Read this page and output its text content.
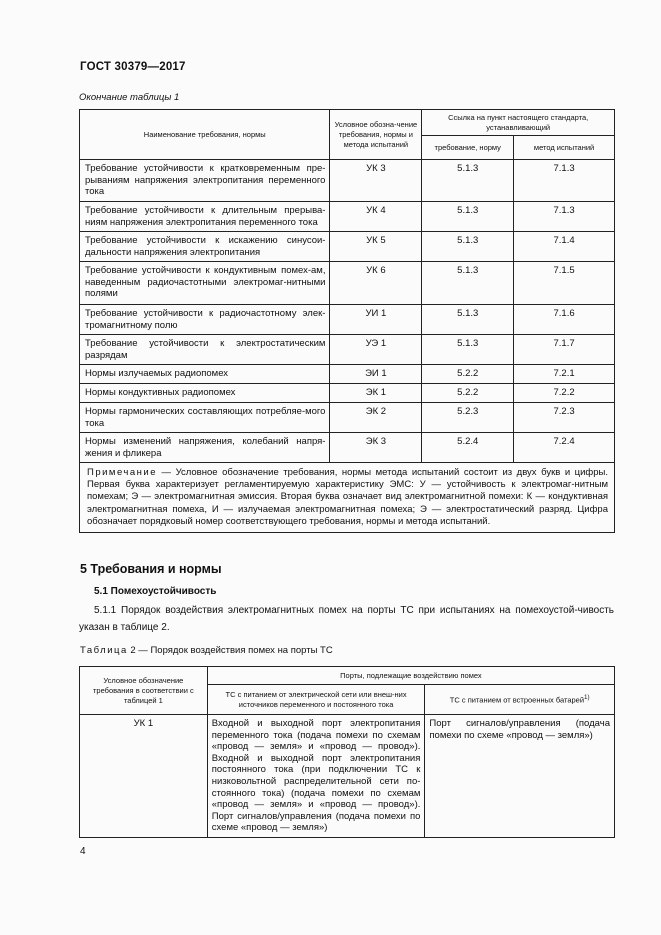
ГОСТ 30379—2017
Окончание таблицы 1
Наименование требования, нормы	Условное обозна-чение требования, нормы и метода испытаний	Ссылка на пункт настоящего стандарта, устанавливающий	
		требование, норму	метод испытаний
Требование устойчивости к кратковременным пре-рываниям напряжения электропитания переменного тока	УК 3	5.1.3	7.1.3
Требование устойчивости к длительным прерыва-ниям напряжения электропитания переменного тока	УК 4	5.1.3	7.1.3
Требование устойчивости к искажению синусои-дальности напряжения электропитания	УК 5	5.1.3	7.1.4
Требование устойчивости к кондуктивным помех-ам, наведенным радиочастотными электромаг-нитными полями	УК 6	5.1.3	7.1.5
Требование устойчивости к радиочастотному элек-тромагнитному полю	УИ 1	5.1.3	7.1.6
Требование устойчивости к электростатическим разрядам	УЭ 1	5.1.3	7.1.7
Нормы излучаемых радиопомех	ЭИ 1	5.2.2	7.2.1
Нормы кондуктивных радиопомех	ЭК 1	5.2.2	7.2.2
Нормы гармонических составляющих потребляе-мого тока	ЭК 2	5.2.3	7.2.3
Нормы изменений напряжения, колебаний напря-жения и фликера	ЭК 3	5.2.4	7.2.4
Примечание — Условное обозначение требования, нормы метода испытаний состоит из двух букв и цифры. Первая буква характеризует регламентируемую характеристику ЭМС: У — устойчивость к электромаг-нитным помехам; Э — электромагнитная эмиссия. Вторая буква означает вид электромагнитной помехи: К — кондуктивная электромагнитная помеха, И — излучаемая электромагнитная помеха; Э — электростатический разряд. Цифра обозначает порядковый номер соответствующего требования, нормы и метода испытаний.			
5 Требования и нормы
5.1 Помехоустойчивость
5.1.1 Порядок воздействия электромагнитных помех на порты ТС при испытаниях на помехоустой-чивость указан в таблице 2.
Таблица 2 — Порядок воздействия помех на порты ТС
Условное обозначение требования в соответствии с таблицей 1	Порты, подлежащие воздействию помех	
	ТС с питанием от электрической сети или внеш-них источников переменного и постоянного тока	ТС с питанием от встроенных батарей$^{1)}$
УК 1	Входной и выходной порт электропитания переменного тока (подача помехи по схемам «провод — земля» и «провод — провод»). Входной и выходной порт электропитания постоянного тока (при подключении ТС к низковольтной распределительной сети по-стоянного тока) (подача помехи по схемам «провод — земля» и «провод — провод»). Порт сигналов/управления (подача помехи по схеме «провод — земля»)	Порт сигналов/управления (подача помехи по схеме «провод — земля»)
4
